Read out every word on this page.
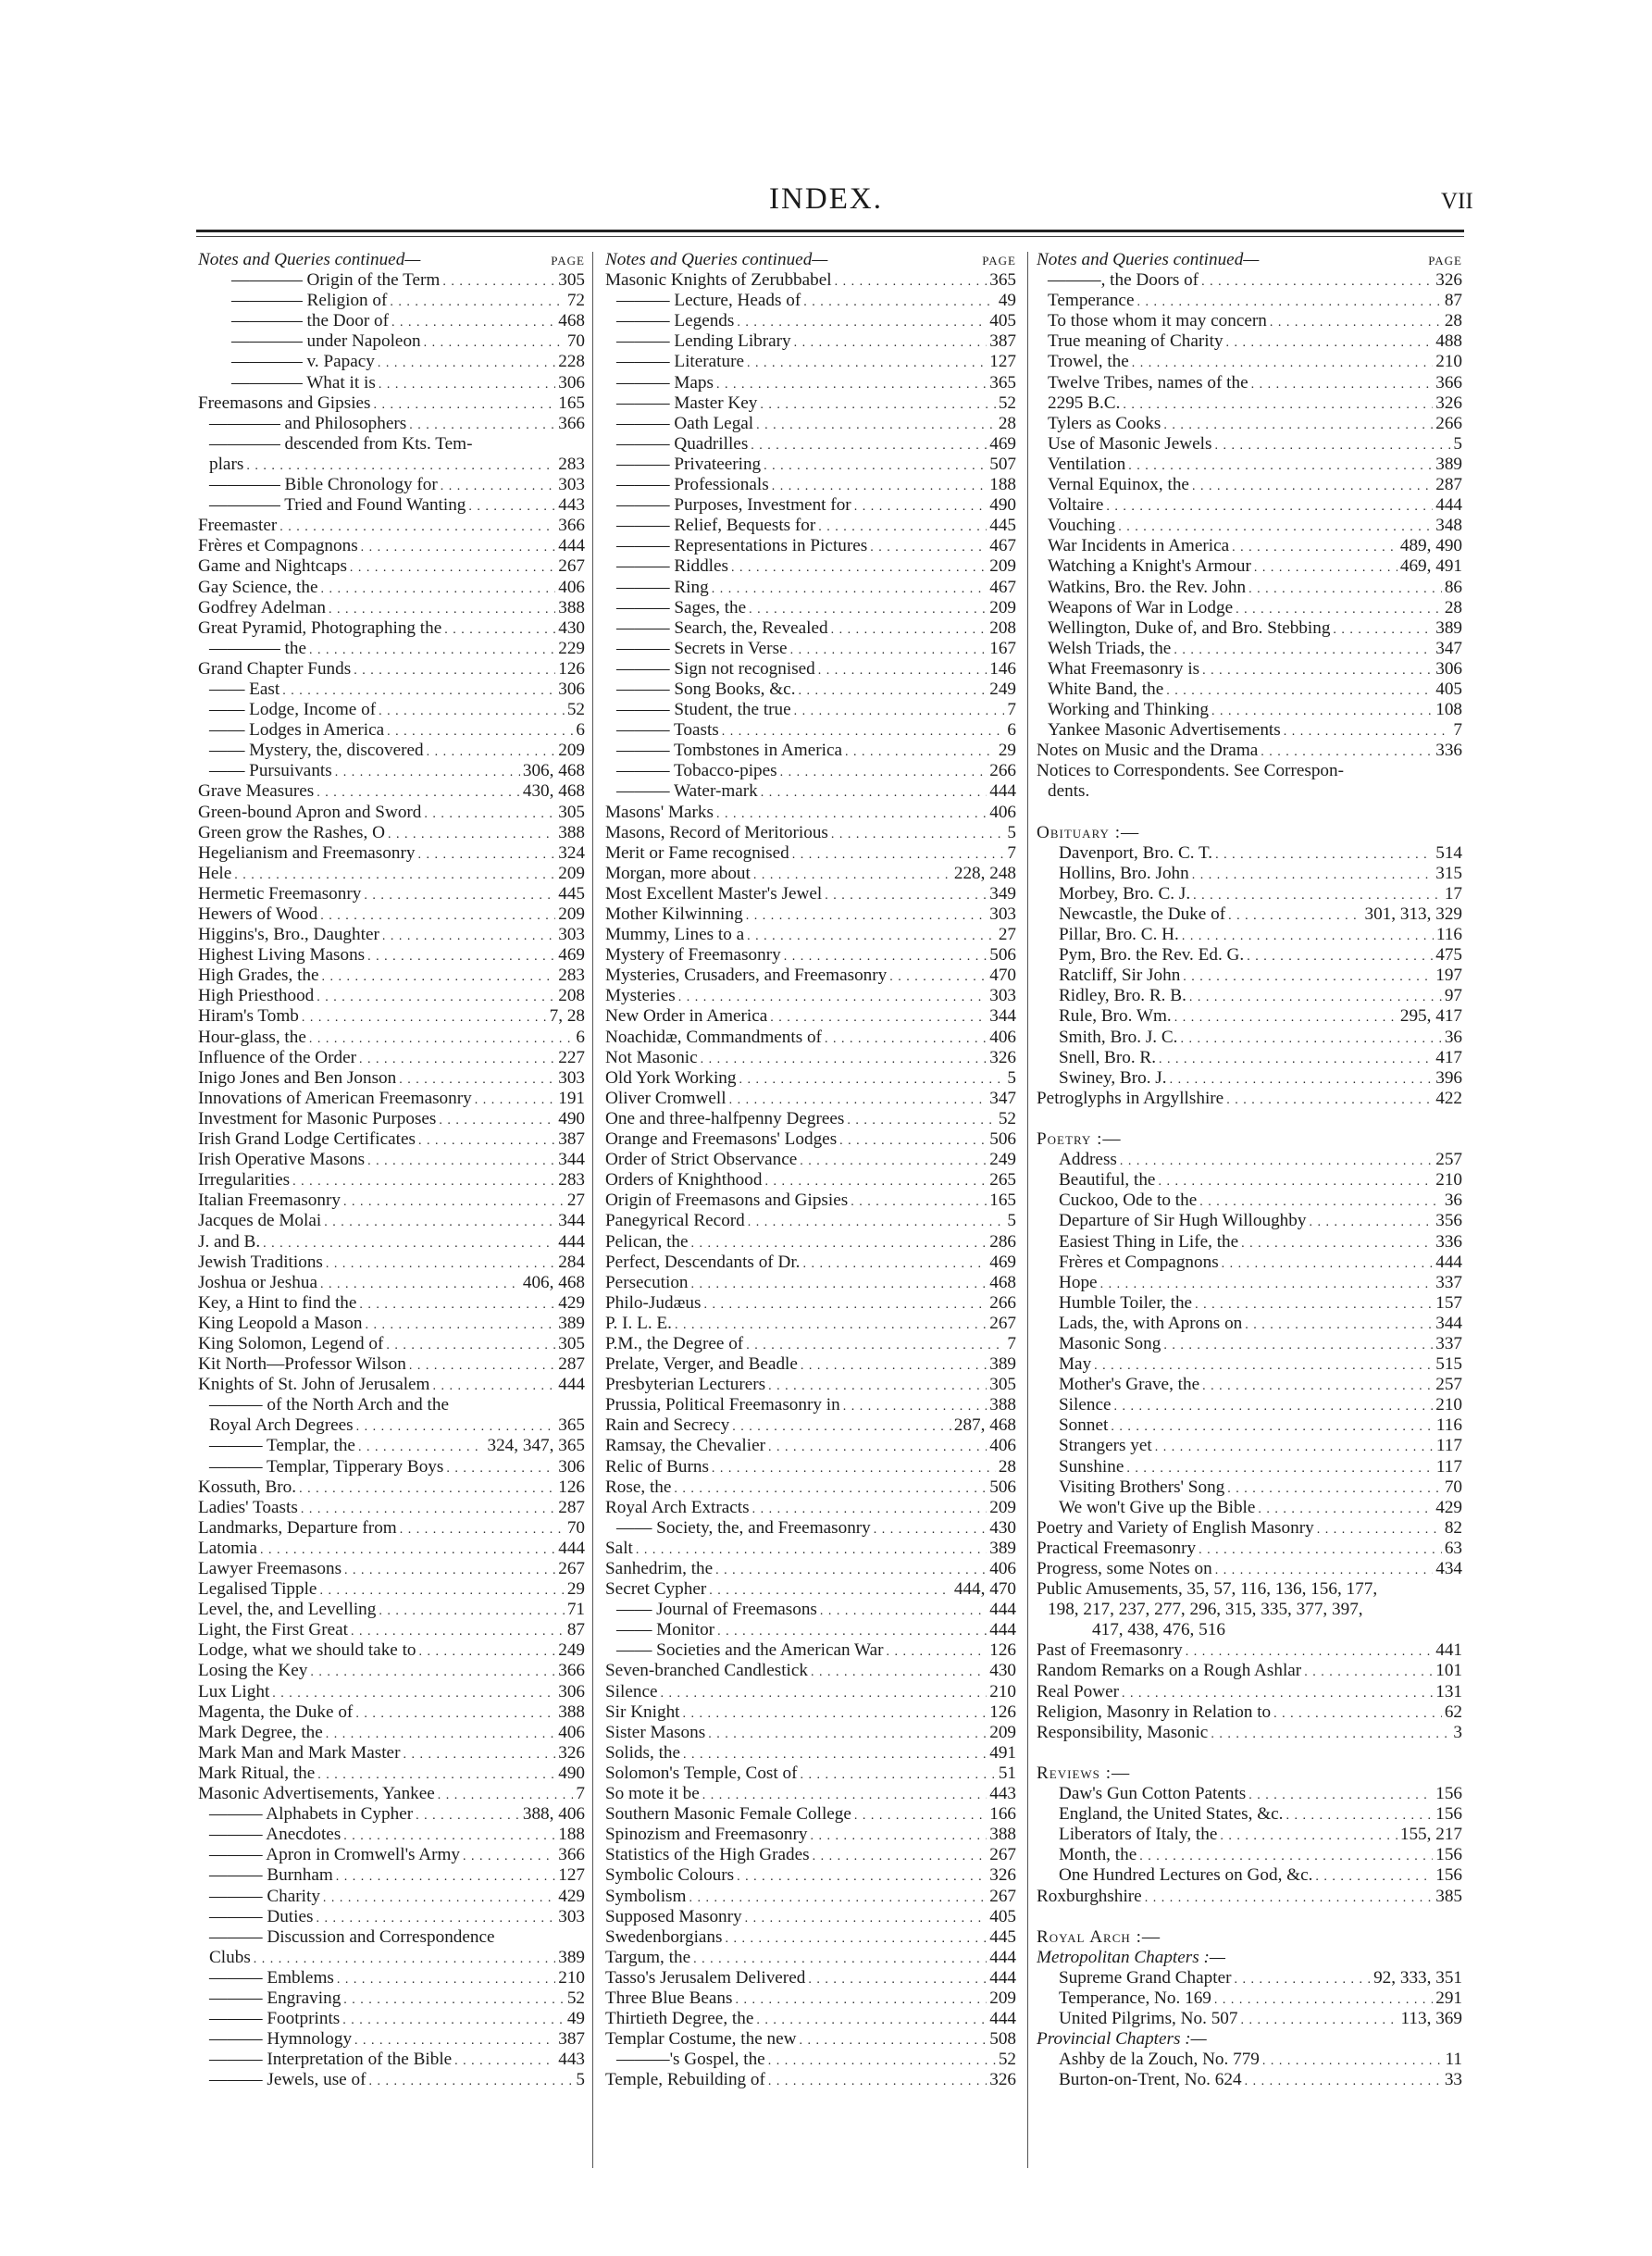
INDEX.	VII
Notes and Queries continued—	PAGE
———— Origin of the Term . . .	305
———— Religion of . . .	72
———— the Door of . . .	468
———— under Napoleon . . .	70
———— v. Papacy . . .	228
———— What it is . . .	306
Freemasons and Gipsies . . .	165
———— and Philosophers . . .	366
———— descended from Kts. Tem-
plars . . .	283
———— Bible Chronology for . . .	303
———— Tried and Found Wanting . . .	443
Freemaster . . .	366
Frères et Compagnons . . .	444
Game and Nightcaps . . .	267
Gay Science, the . . .	406
Godfrey Adelman . . .	388
Great Pyramid, Photographing the . . .	430
———— the . . .	229
Grand Chapter Funds . . .	126
—— East . . .	306
—— Lodge, Income of . . .	52
—— Lodges in America . . .	6
—— Mystery, the, discovered . . .	209
—— Pursuivants . . .	306, 468
Grave Measures . . .	430, 468
Green-bound Apron and Sword . . .	305
Green grow the Rashes, O . . .	388
Hegelianism and Freemasonry . . .	324
Hele . . .	209
Hermetic Freemasonry . . .	445
Hewers of Wood . . .	209
Higgins's, Bro., Daughter . . .	303
Highest Living Masons . . .	469
High Grades, the . . .	283
High Priesthood . . .	208
Hiram's Tomb . . .	7, 28
Hour-glass, the . . .	6
Influence of the Order . . .	227
Inigo Jones and Ben Jonson . . .	303
Innovations of American Freemasonry . . .	191
Investment for Masonic Purposes . . .	490
Irish Grand Lodge Certificates . . .	387
Irish Operative Masons . . .	344
Irregularities . . .	283
Italian Freemasonry . . .	27
Jacques de Molai . . .	344
J. and B. . . .	444
Jewish Traditions . . .	284
Joshua or Jeshua . . .	406, 468
Key, a Hint to find the . . .	429
King Leopold a Mason . . .	389
King Solomon, Legend of . . .	305
Kit North—Professor Wilson . . .	287
Knights of St. John of Jerusalem . . .	444
——— of the North Arch and the
Royal Arch Degrees . . .	365
——— Templar, the . . .	324, 347, 365
——— Templar, Tipperary Boys . . .	306
Kossuth, Bro. . . .	126
Ladies' Toasts . . .	287
Landmarks, Departure from . . .	70
Latomia . . .	444
Lawyer Freemasons . . .	267
Legalised Tipple . . .	29
Level, the, and Levelling . . .	71
Light, the First Great . . .	87
Lodge, what we should take to . . .	249
Losing the Key . . .	366
Lux Light . . .	306
Magenta, the Duke of . . .	388
Mark Degree, the . . .	406
Mark Man and Mark Master . . .	326
Mark Ritual, the . . .	490
Masonic Advertisements, Yankee . . .	7
——— Alphabets in Cypher . . .	388, 406
——— Anecdotes . . .	188
——— Apron in Cromwell's Army . . .	366
——— Burnham . . .	127
——— Charity . . .	429
——— Duties . . .	303
——— Discussion and Correspondence
Clubs . . .	389
——— Emblems . . .	210
——— Engraving . . .	52
——— Footprints . . .	49
——— Hymnology . . .	387
——— Interpretation of the Bible . . .	443
——— Jewels, use of . . .	5
Notes and Queries continued—	PAGE
Masonic Knights of Zerubbabel . . .	365
——— Lecture, Heads of . . .	49
——— Legends . . .	405
——— Lending Library . . .	387
——— Literature . . .	127
——— Maps . . .	365
——— Master Key . . .	52
——— Oath Legal . . .	28
——— Quadrilles . . .	469
——— Privateering . . .	507
——— Professionals . . .	188
——— Purposes, Investment for . . .	490
——— Relief, Bequests for . . .	445
——— Representations in Pictures . . .	467
——— Riddles . . .	209
——— Ring . . .	467
——— Sages, the . . .	209
——— Search, the, Revealed . . .	208
——— Secrets in Verse . . .	167
——— Sign not recognised . . .	146
——— Song Books, &c. . . .	249
——— Student, the true . . .	7
——— Toasts . . .	6
——— Tombstones in America . . .	29
——— Tobacco-pipes . . .	266
——— Water-mark . . .	444
Masons' Marks . . .	406
Masons, Record of Meritorious . . .	5
Merit or Fame recognised . . .	7
Morgan, more about . . .	228, 248
Most Excellent Master's Jewel . . .	349
Mother Kilwinning . . .	303
Mummy, Lines to a . . .	27
Mystery of Freemasonry . . .	506
Mysteries, Crusaders, and Freemasonry . . .	470
Mysteries . . .	303
New Order in America . . .	344
Noachidæ, Commandments of . . .	406
Not Masonic . . .	326
Old York Working . . .	5
Oliver Cromwell . . .	347
One and three-halfpenny Degrees . . .	52
Orange and Freemasons' Lodges . . .	506
Order of Strict Observance . . .	249
Orders of Knighthood . . .	265
Origin of Freemasons and Gipsies . . .	165
Panegyrical Record . . .	5
Pelican, the . . .	286
Perfect, Descendants of Dr. . . .	469
Persecution . . .	468
Philo-Judæus . . .	266
P. I. L. E. . . .	267
P.M., the Degree of . . .	7
Prelate, Verger, and Beadle . . .	389
Presbyterian Lecturers . . .	305
Prussia, Political Freemasonry in . . .	388
Rain and Secrecy . . .	287, 468
Ramsay, the Chevalier . . .	406
Relic of Burns . . .	28
Rose, the . . .	506
Royal Arch Extracts . . .	209
—— Society, the, and Freemasonry . . .	430
Salt . . .	389
Sanhedrim, the . . .	406
Secret Cypher . . .	444, 470
—— Journal of Freemasons . . .	444
—— Monitor . . .	444
—— Societies and the American War . . .	126
Seven-branched Candlestick . . .	430
Silence . . .	210
Sir Knight . . .	126
Sister Masons . . .	209
Solids, the . . .	491
Solomon's Temple, Cost of . . .	51
So mote it be . . .	443
Southern Masonic Female College . . .	166
Spinozism and Freemasonry . . .	388
Statistics of the High Grades . . .	267
Symbolic Colours . . .	326
Symbolism . . .	267
Supposed Masonry . . .	405
Swedenborgians . . .	445
Targum, the . . .	444
Tasso's Jerusalem Delivered . . .	444
Three Blue Beans . . .	209
Thirtieth Degree, the . . .	444
Templar Costume, the new . . .	508
———'s Gospel, the . . .	52
Temple, Rebuilding of . . .	326
Notes and Queries continued—	PAGE
———, the Doors of . . .	326
Temperance . . .	87
To those whom it may concern . . .	28
True meaning of Charity . . .	488
Trowel, the . . .	210
Twelve Tribes, names of the . . .	366
2295 B.C. . . .	326
Tylers as Cooks . . .	266
Use of Masonic Jewels . . .	5
Ventilation . . .	389
Vernal Equinox, the . . .	287
Voltaire . . .	444
Vouching . . .	348
War Incidents in America . . .	489, 490
Watching a Knight's Armour . . .	469, 491
Watkins, Bro. the Rev. John . . .	86
Weapons of War in Lodge . . .	28
Wellington, Duke of, and Bro. Stebbing . . .	389
Welsh Triads, the . . .	347
What Freemasonry is . . .	306
White Band, the . . .	405
Working and Thinking . . .	108
Yankee Masonic Advertisements . . .	7
Notes on Music and the Drama . . .	336
Notices to Correspondents. See Correspon-
dents.
Obituary :—
Davenport, Bro. C. T. . . .	514
Hollins, Bro. John . . .	315
Morbey, Bro. C. J. . . .	17
Newcastle, the Duke of . . .	301, 313, 329
Pillar, Bro. C. H. . . .	116
Pym, Bro. the Rev. Ed. G. . . .	475
Ratcliff, Sir John . . .	197
Ridley, Bro. R. B. . . .	97
Rule, Bro. Wm. . . .	295, 417
Smith, Bro. J. C. . . .	36
Snell, Bro. R. . . .	417
Swiney, Bro. J. . . .	396
Petroglyphs in Argyllshire . . .	422
Poetry :—
Address . . .	257
Beautiful, the . . .	210
Cuckoo, Ode to the . . .	36
Departure of Sir Hugh Willoughby . . .	356
Easiest Thing in Life, the . . .	336
Frères et Compagnons . . .	444
Hope . . .	337
Humble Toiler, the . . .	157
Lads, the, with Aprons on . . .	344
Masonic Song . . .	337
May . . .	515
Mother's Grave, the . . .	257
Silence . . .	210
Sonnet . . .	116
Strangers yet . . .	117
Sunshine . . .	117
Visiting Brothers' Song . . .	70
We won't Give up the Bible . . .	429
Poetry and Variety of English Masonry . . .	82
Practical Freemasonry . . .	63
Progress, some Notes on . . .	434
Public Amusements, 35, 57, 116, 136, 156, 177,
198, 217, 237, 277, 296, 315, 335, 377, 397,
417, 438, 476, 516
Past of Freemasonry . . .	441
Random Remarks on a Rough Ashlar . . .	101
Real Power . . .	131
Religion, Masonry in Relation to . . .	62
Responsibility, Masonic . . .	3
Reviews :—
Daw's Gun Cotton Patents . . .	156
England, the United States, &c. . . .	156
Liberators of Italy, the . . .	155, 217
Month, the . . .	156
One Hundred Lectures on God, &c. . . .	156
Roxburghshire . . .	385
Royal Arch :—
Metropolitan Chapters :—
Supreme Grand Chapter . . .	92, 333, 351
Temperance, No. 169 . . .	291
United Pilgrims, No. 507 . . .	113, 369
Provincial Chapters :—
Ashby de la Zouch, No. 779 . . .	11
Burton-on-Trent, No. 624 . . .	33
